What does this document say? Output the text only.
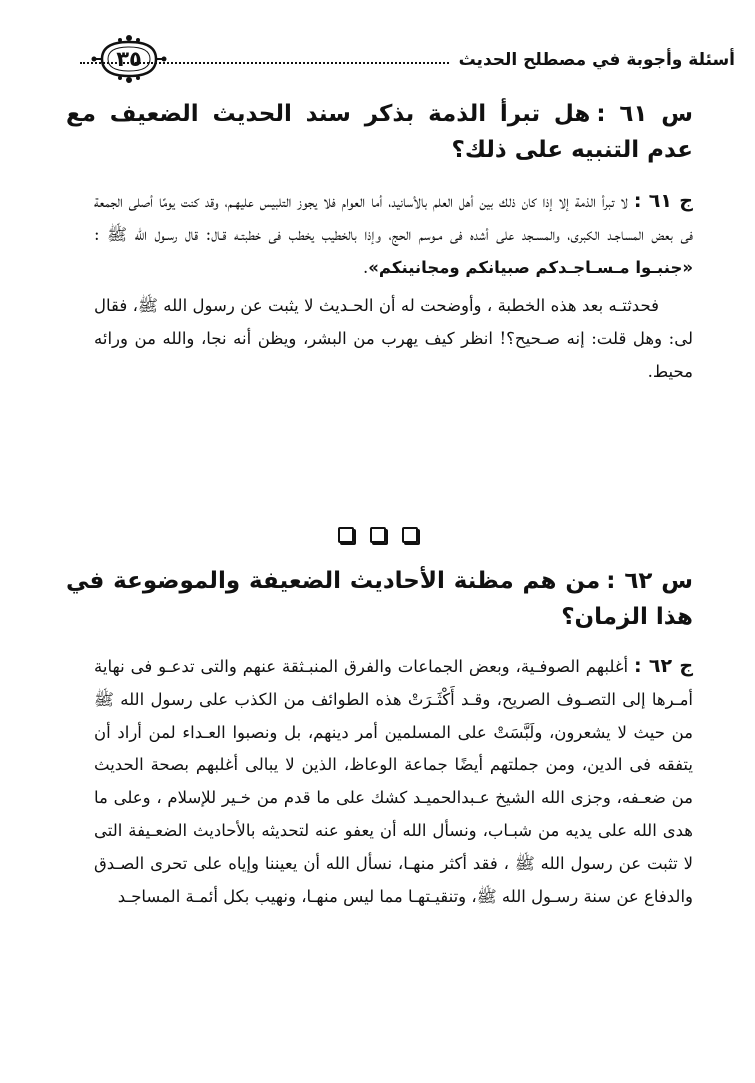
أسئلة وأجوبة في مصطلح الحديث
٣٥
س ٦١ :هل تبرأ الذمة بذكر سند الحديث الضعيف مع عدم التنبيه على ذلك؟
ج ٦١ : لا تبرأ الذمة إلا إذا كان ذلك بين أهل العلم بالأسانيد، أما العوام فلا يجوز التلبيس عليهـم، وقد كنت يومًا أصلى الجمعة فى بعض المساجـد الكبرى، والمسـجد على أشده فى مـوسم الحج، وإذا بالخطيب يخطب فى خطبتـه قـال: قال رسـول الله ﷺ : «جنبـوا مـسـاجـدكم صبيانكم ومجانينكم».
فحدثتـه بعد هذه الخطبة ، وأوضحت له أن الحـديث لا يثبت عن رسول الله ﷺ، فقال لى: وهل قلت: إنه صـحيح؟! انظر كيف يهرب من البشر، ويظن أنه نجا، والله من ورائه محيط.
س ٦٢ :من هم مظنة الأحاديث الضعيفة والموضوعة في هذا الزمان؟
ج ٦٢ : أغلبهم الصوفـية، وبعض الجماعات والفرق المنبـثقة عنهم والتى تدعـو فى نهاية أمـرها إلى التصـوف الصريح، وقـد أَكْثَـرَتْ هذه الطوائف من الكذب على رسول الله ﷺ من حيث لا يشعرون، ولَبَّسَتْ على المسلمين أمر دينهم، بل ونصبوا العـداء لمن أراد أن يتفقه فى الدين، ومن جملتهم أيضًا جماعة الوعاظ، الذين لا يبالى أغلبهم بصحة الحديث من ضعـفه، وجزى الله الشيخ عـبدالحميـد كشك على ما قدم من خـير للإسلام ، وعلى ما هدى الله على يديه من شبـاب، ونسأل الله أن يعفو عنه لتحديثه بالأحاديث الضعـيفة التى لا تثبت عن رسول الله ﷺ ، فقد أكثر منهـا، نسأل الله أن يعيننا وإياه على تحرى الصـدق والدفاع عن سنة رسـول الله ﷺ، وتنقيـتهـا مما ليس منهـا، ونهيب بكل أئمـة المساجـد
